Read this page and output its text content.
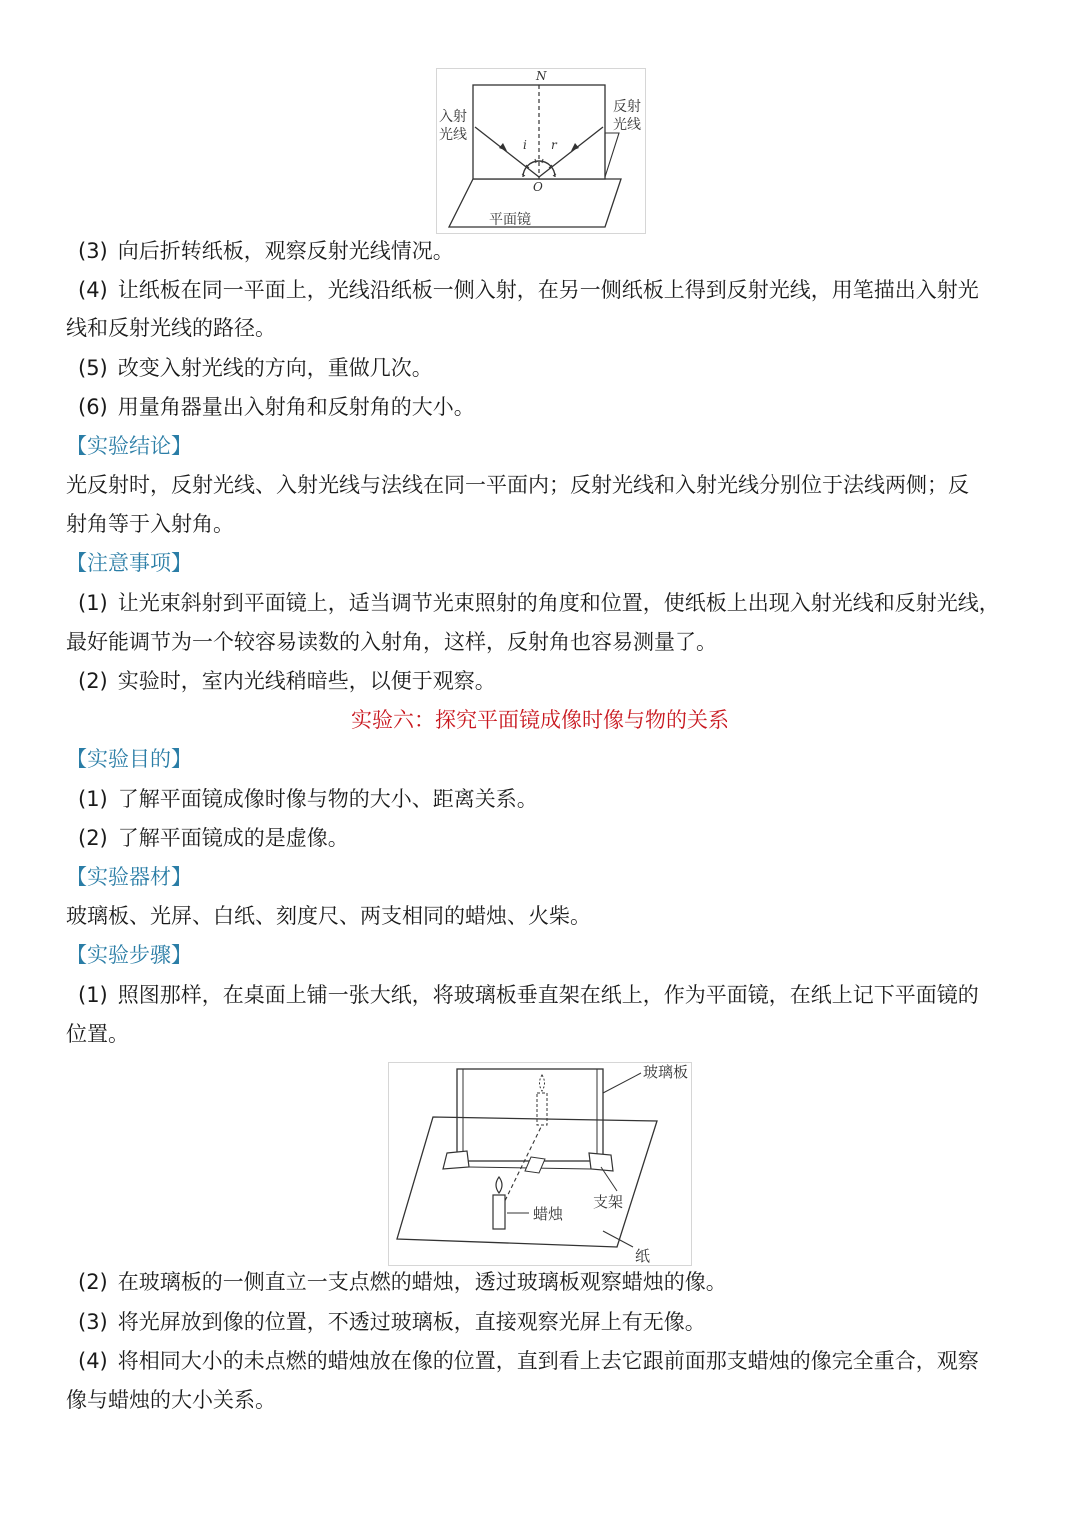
N
O
i r
入射
光线
反射
光线
平面镜
(3) 向后折转纸板，观察反射光线情况。
(4) 让纸板在同一平面上，光线沿纸板一侧入射，在另一侧纸板上得到反射光线，用笔描出入射光
线和反射光线的路径。
(5) 改变入射光线的方向，重做几次。
(6) 用量角器量出入射角和反射角的大小。
【实验结论】
光反射时，反射光线、入射光线与法线在同一平面内；反射光线和入射光线分别位于法线两侧；反
射角等于入射角。
【注意事项】
(1) 让光束斜射到平面镜上，适当调节光束照射的角度和位置，使纸板上出现入射光线和反射光线，
最好能调节为一个较容易读数的入射角，这样，反射角也容易测量了。
(2) 实验时，室内光线稍暗些，以便于观察。
实验六：探究平面镜成像时像与物的关系
【实验目的】
(1) 了解平面镜成像时像与物的大小、距离关系。
(2) 了解平面镜成的是虚像。
【实验器材】
玻璃板、光屏、白纸、刻度尺、两支相同的蜡烛、火柴。
【实验步骤】
(1) 照图那样，在桌面上铺一张大纸，将玻璃板垂直架在纸上，作为平面镜，在纸上记下平面镜的
位置。
玻璃板
支架
蜡烛
纸
(2) 在玻璃板的一侧直立一支点燃的蜡烛，透过玻璃板观察蜡烛的像。
(3) 将光屏放到像的位置，不透过玻璃板，直接观察光屏上有无像。
(4) 将相同大小的未点燃的蜡烛放在像的位置，直到看上去它跟前面那支蜡烛的像完全重合，观察
像与蜡烛的大小关系。
